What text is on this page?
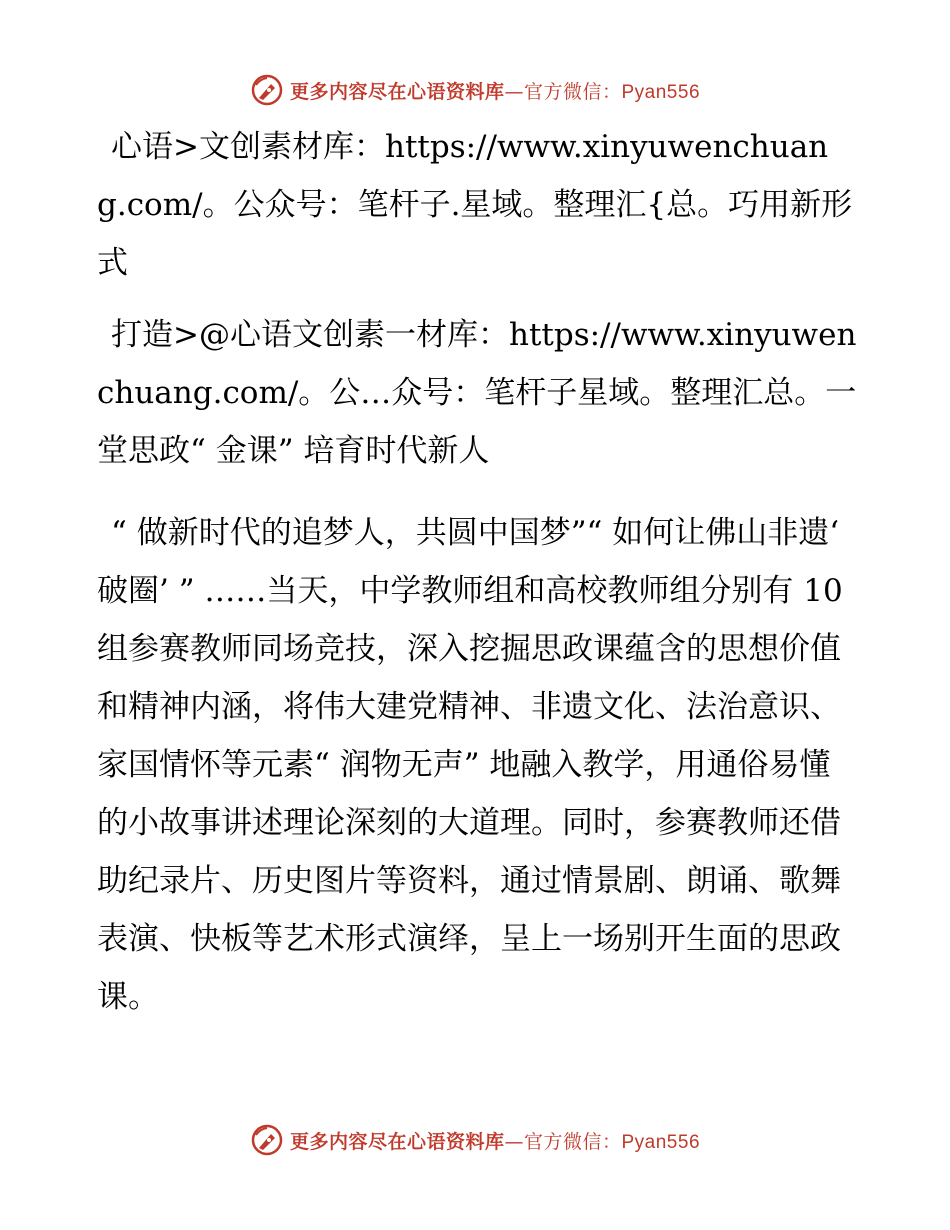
更多内容尽在心语资料库—官方微信：Pyan556

心语>文创素材库：https://www.xinyuwenchuang.com/。公众号：笔杆子.星域。整理汇{总。巧用新形式

打造>@心语文创素一材库：https://www.xinyuwenchuang.com/。公…众号：笔杆子星域。整理汇总。一堂思政“ 金课” 培育时代新人

“ 做新时代的追梦人，共圆中国梦”“ 如何让佛山非遗‘ 破圈’ ” ……当天，中学教师组和高校教师组分别有 10 组参赛教师同场竞技，深入挖掘思政课蕴含的思想价值和精神内涵，将伟大建党精神、非遗文化、法治意识、家国情怀等元素“ 润物无声” 地融入教学，用通俗易懂的小故事讲述理论深刻的大道理。同时，参赛教师还借助纪录片、历史图片等资料，通过情景剧、朗诵、歌舞表演、快板等艺术形式演绎，呈上一场别开生面的思政课。

更多内容尽在心语资料库—官方微信：Pyan556
